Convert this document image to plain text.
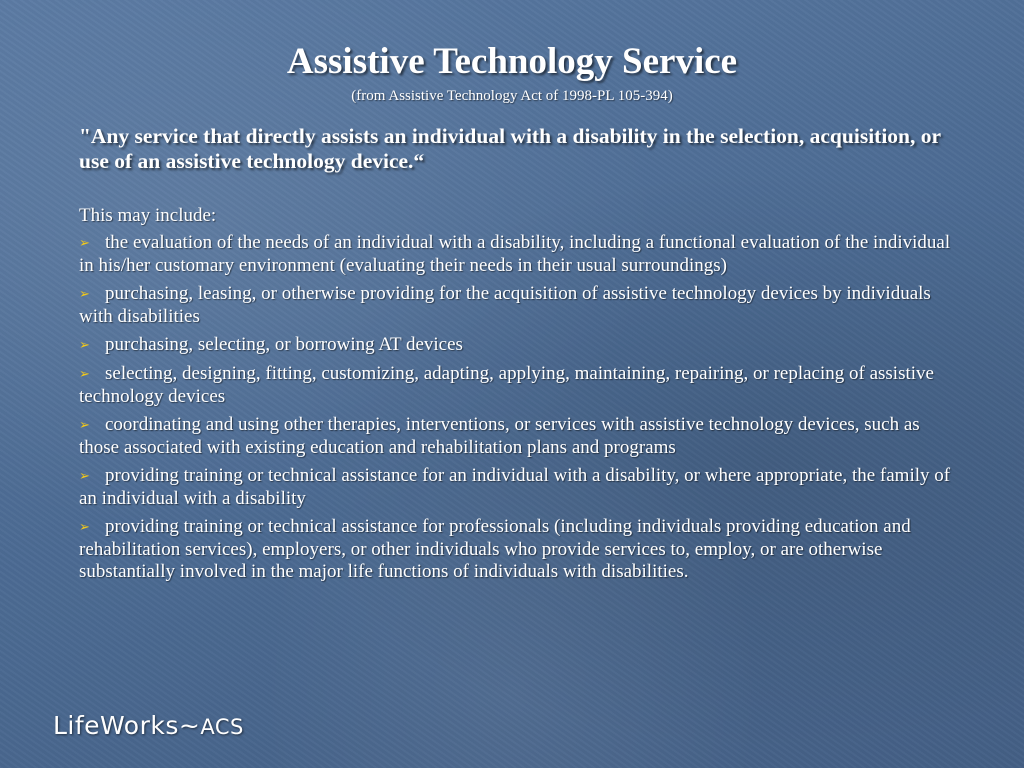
Assistive Technology Service
(from Assistive Technology Act of 1998-PL 105-394)
"Any service that directly assists an individual with a disability in the selection, acquisition, or use of an assistive technology device.“
This may include:
➢ the evaluation of the needs of an individual with a disability, including a functional evaluation of the individual in his/her customary environment (evaluating their needs in their usual surroundings)
➢ purchasing, leasing, or otherwise providing for the acquisition of assistive technology devices by individuals with disabilities
➢ purchasing, selecting, or borrowing AT devices
➢ selecting, designing, fitting, customizing, adapting, applying, maintaining, repairing, or replacing of assistive technology devices
➢ coordinating and using other therapies, interventions, or services with assistive technology devices, such as those associated with existing education and rehabilitation plans and programs
➢ providing training or technical assistance for an individual with a disability, or where appropriate, the family of an individual with a disability
➢ providing training or technical assistance for professionals (including individuals providing education and rehabilitation services), employers, or other individuals who provide services to, employ, or are otherwise substantially involved in the major life functions of individuals with disabilities.
LifeWorks~ACS
